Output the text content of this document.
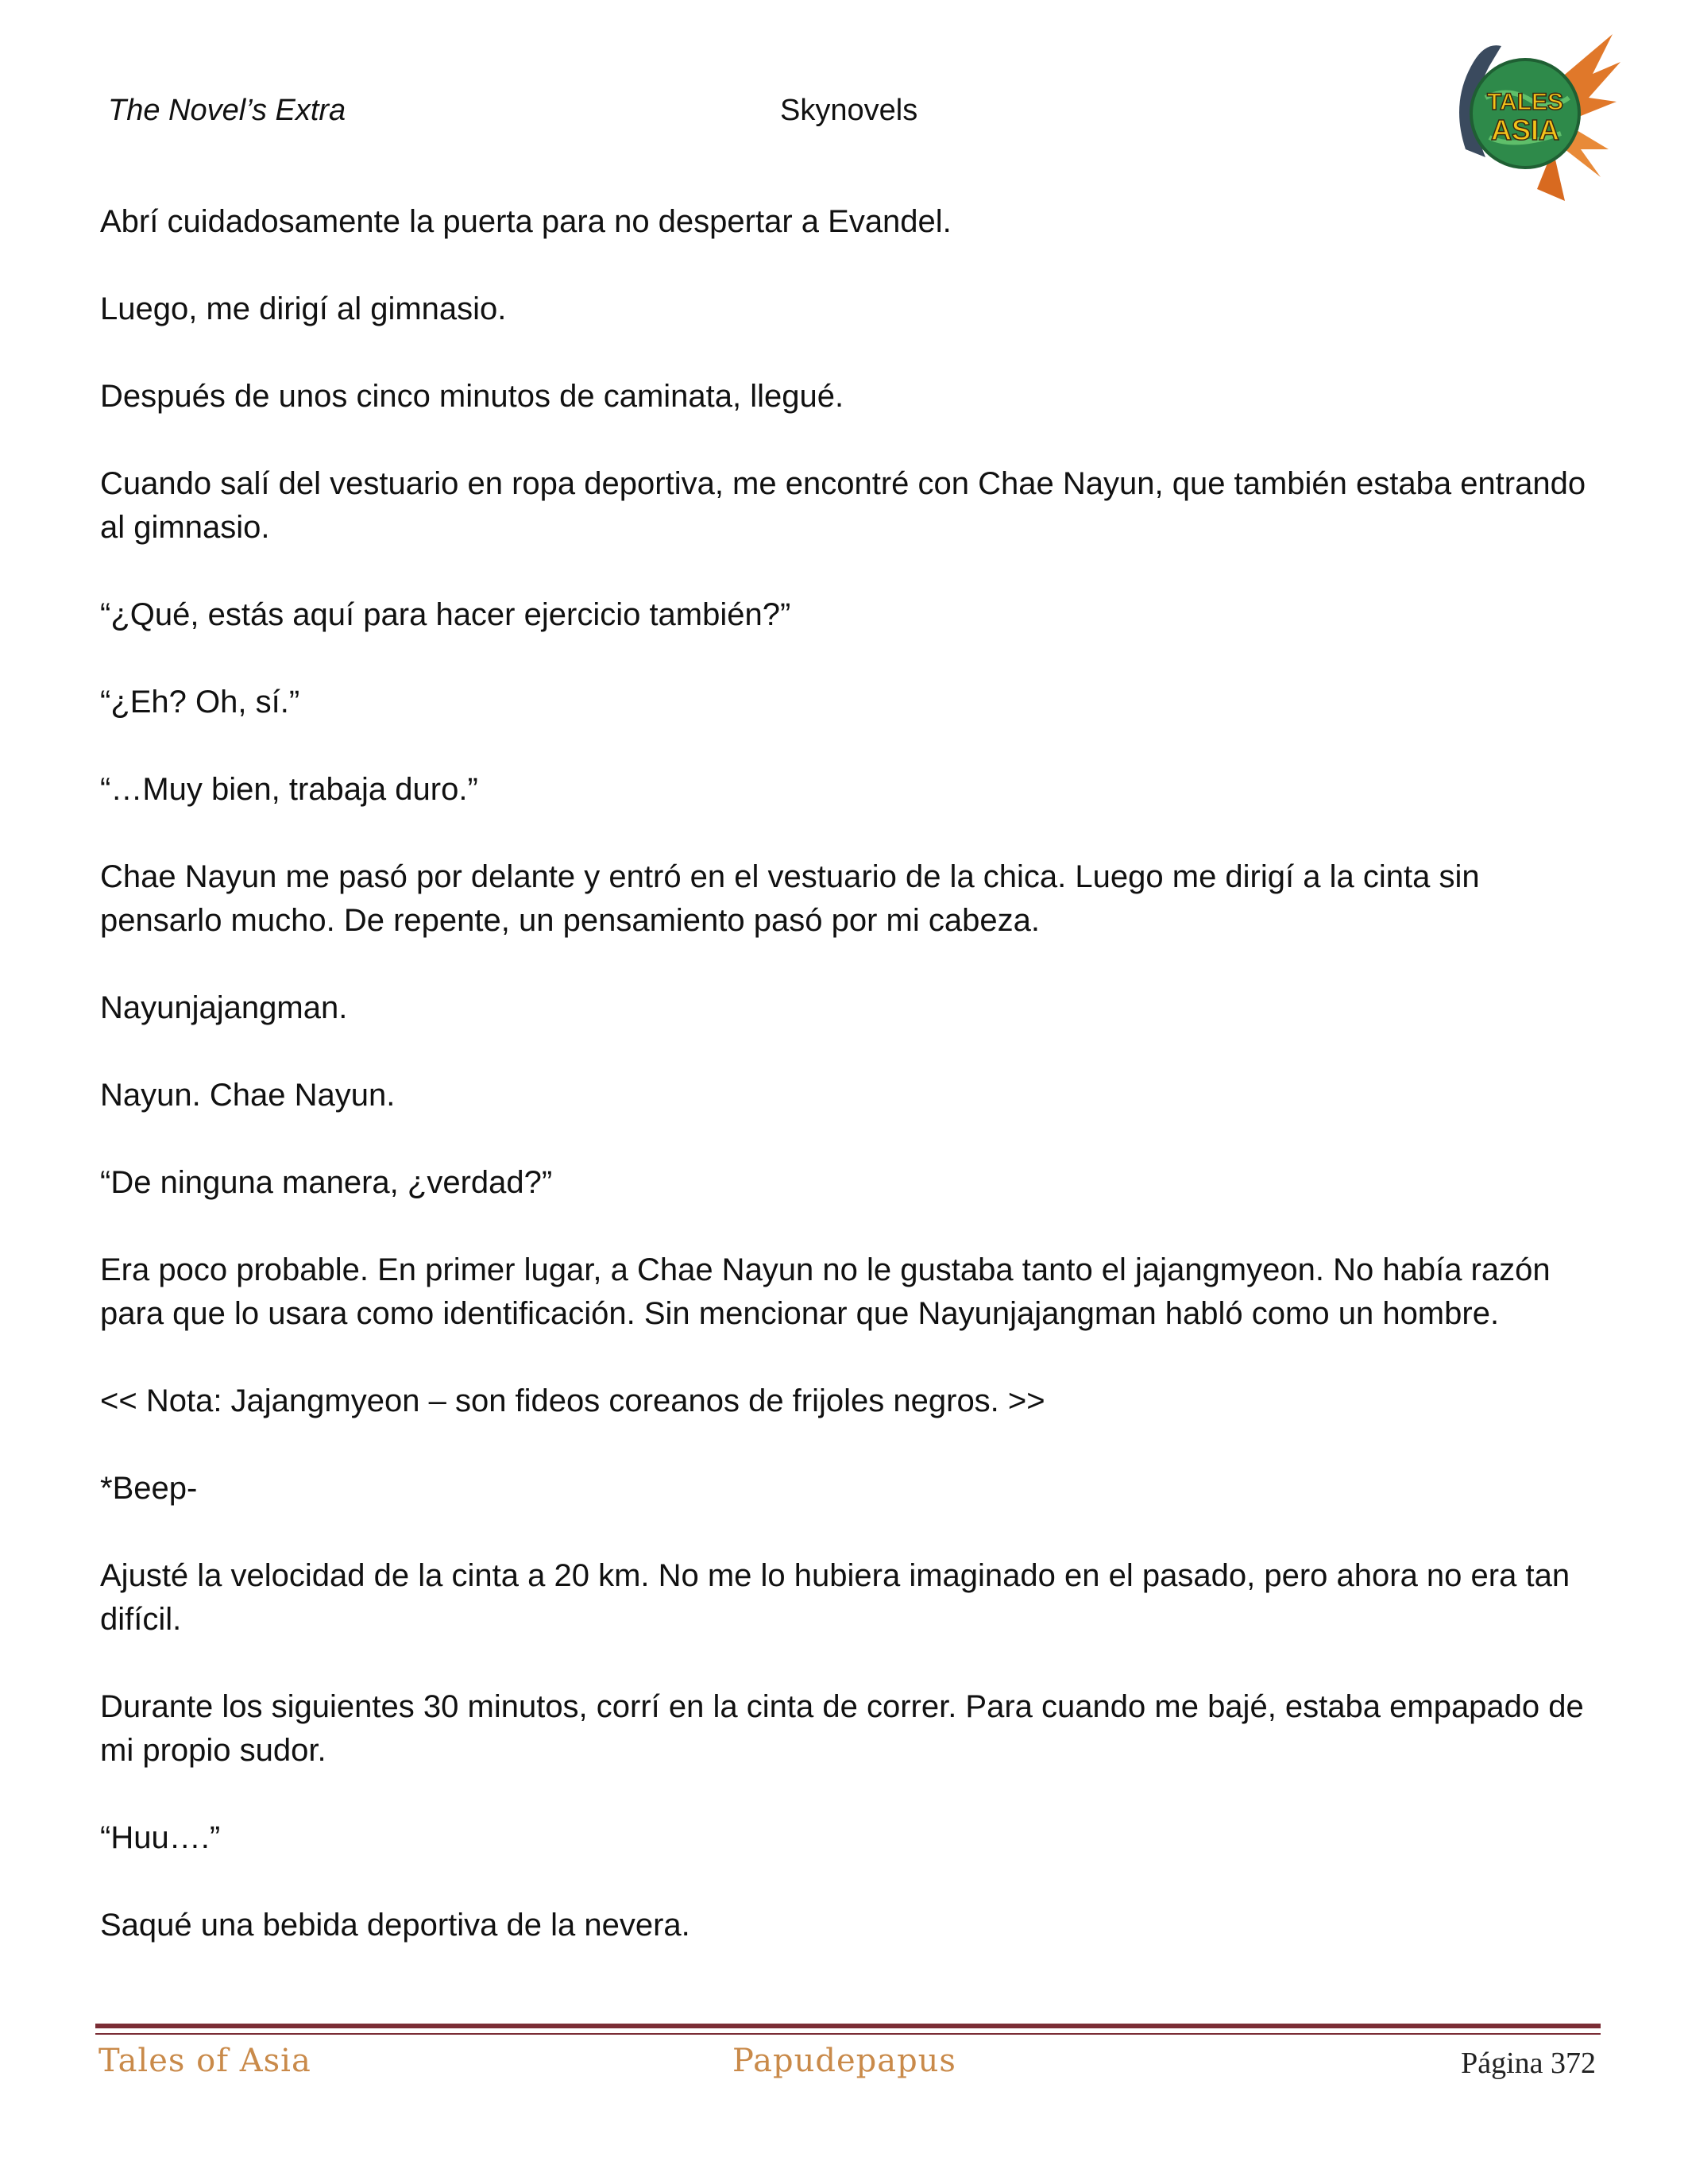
The Novel’s Extra	Skynovels	TALES
ASIA

Abrí cuidadosamente la puerta para no despertar a Evandel.

Luego, me dirigí al gimnasio.

Después de unos cinco minutos de caminata, llegué.

Cuando salí del vestuario en ropa deportiva, me encontré con Chae Nayun, que también estaba entrando al gimnasio.

“¿Qué, estás aquí para hacer ejercicio también?”

“¿Eh? Oh, sí.”

“…Muy bien, trabaja duro.”

Chae Nayun me pasó por delante y entró en el vestuario de la chica. Luego me dirigí a la cinta sin pensarlo mucho. De repente, un pensamiento pasó por mi cabeza.

Nayunjajangman.

Nayun. Chae Nayun.

“De ninguna manera, ¿verdad?”

Era poco probable. En primer lugar, a Chae Nayun no le gustaba tanto el jajangmyeon. No había razón para que lo usara como identificación. Sin mencionar que Nayunjajangman habló como un hombre.

<< Nota: Jajangmyeon – son fideos coreanos de frijoles negros. >>

*Beep-

Ajusté la velocidad de la cinta a 20 km. No me lo hubiera imaginado en el pasado, pero ahora no era tan difícil.

Durante los siguientes 30 minutos, corrí en la cinta de correr. Para cuando me bajé, estaba empapado de mi propio sudor.

“Huu….”

Saqué una bebida deportiva de la nevera.

Tales of Asia	Papudepapus	Página 372
